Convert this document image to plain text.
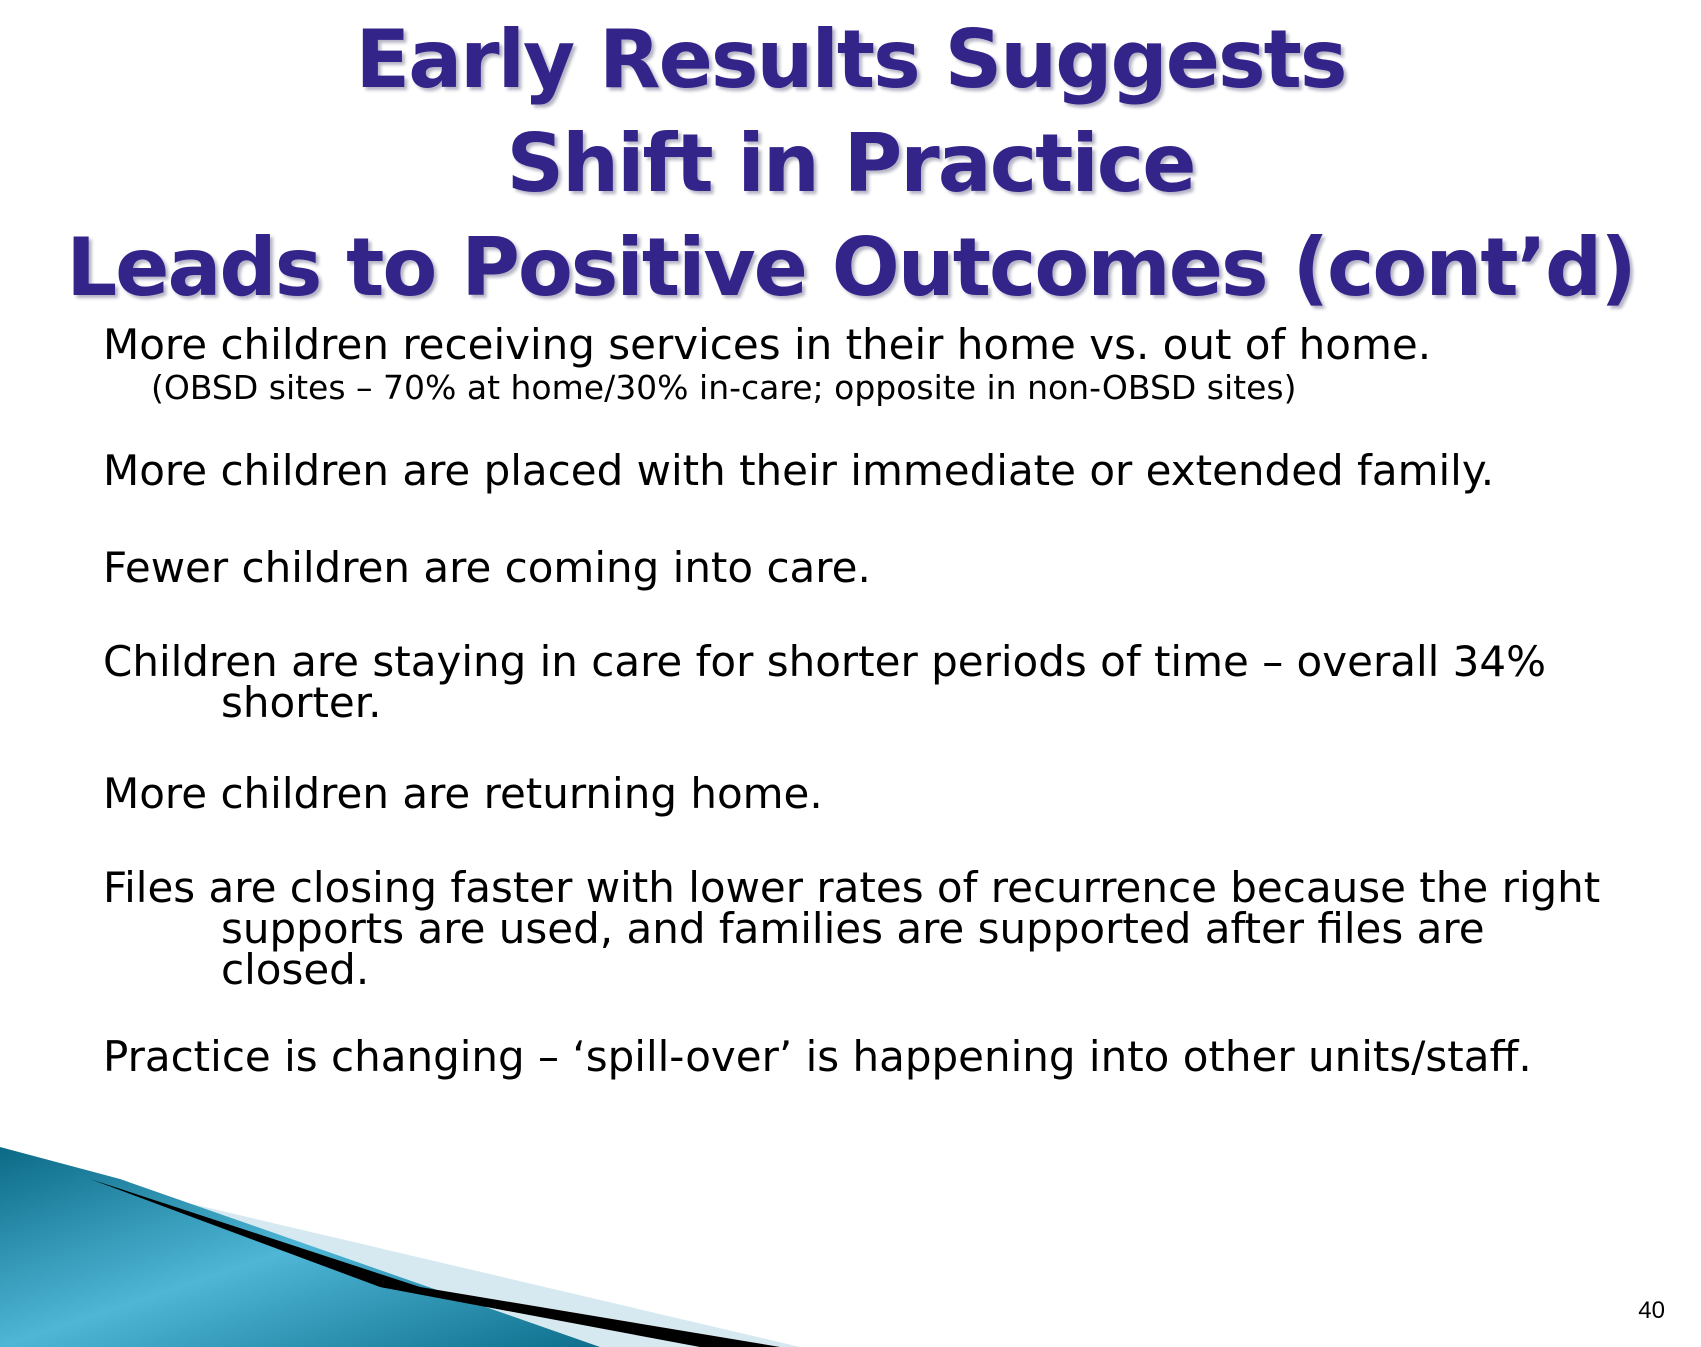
Early Results Suggests
Shift in Practice
Leads to Positive Outcomes (cont’d)
More children receiving services in their home vs. out of home.
(OBSD sites – 70% at home/30% in-care; opposite in non-OBSD sites)
More children are placed with their immediate or extended family.
Fewer children are coming into care.
Children are staying in care for shorter periods of time – overall 34%
shorter.
More children are returning home.
Files are closing faster with lower rates of recurrence because the right
supports are used, and families are supported after files are
closed.
Practice is changing – ‘spill-over’ is happening into other units/staff.
40
